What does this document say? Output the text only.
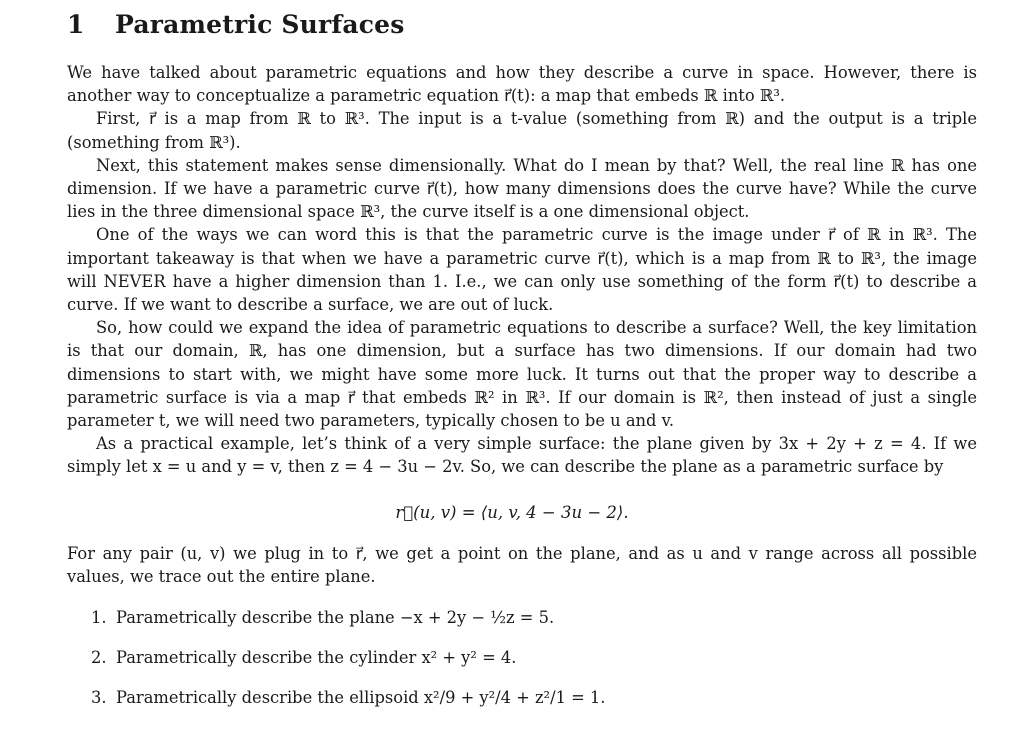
1 Parametric Surfaces

We have talked about parametric equations and how they describe a curve in space. However, there is another way to conceptualize a parametric equation r⃗(t): a map that embeds ℝ into ℝ³.

First, r⃗ is a map from ℝ to ℝ³. The input is a t-value (something from ℝ) and the output is a triple (something from ℝ³).

Next, this statement makes sense dimensionally. What do I mean by that? Well, the real line ℝ has one dimension. If we have a parametric curve r⃗(t), how many dimensions does the curve have? While the curve lies in the three dimensional space ℝ³, the curve itself is a one dimensional object.

One of the ways we can word this is that the parametric curve is the image under r⃗ of ℝ in ℝ³. The important takeaway is that when we have a parametric curve r⃗(t), which is a map from ℝ to ℝ³, the image will NEVER have a higher dimension than 1. I.e., we can only use something of the form r⃗(t) to describe a curve. If we want to describe a surface, we are out of luck.

So, how could we expand the idea of parametric equations to describe a surface? Well, the key limitation is that our domain, ℝ, has one dimension, but a surface has two dimensions. If our domain had two dimensions to start with, we might have some more luck. It turns out that the proper way to describe a parametric surface is via a map r⃗ that embeds ℝ² in ℝ³. If our domain is ℝ², then instead of just a single parameter t, we will need two parameters, typically chosen to be u and v.

As a practical example, let’s think of a very simple surface: the plane given by 3x + 2y + z = 4. If we simply let x = u and y = v, then z = 4 − 3u − 2v. So, we can describe the plane as a parametric surface by

r⃗(u, v) = ⟨u, v, 4 − 3u − 2⟩.

For any pair (u, v) we plug in to r⃗, we get a point on the plane, and as u and v range across all possible values, we trace out the entire plane.

1. Parametrically describe the plane −x + 2y − ½z = 5.
2. Parametrically describe the cylinder x² + y² = 4.
3. Parametrically describe the ellipsoid x²/9 + y²/4 + z²/1 = 1.
